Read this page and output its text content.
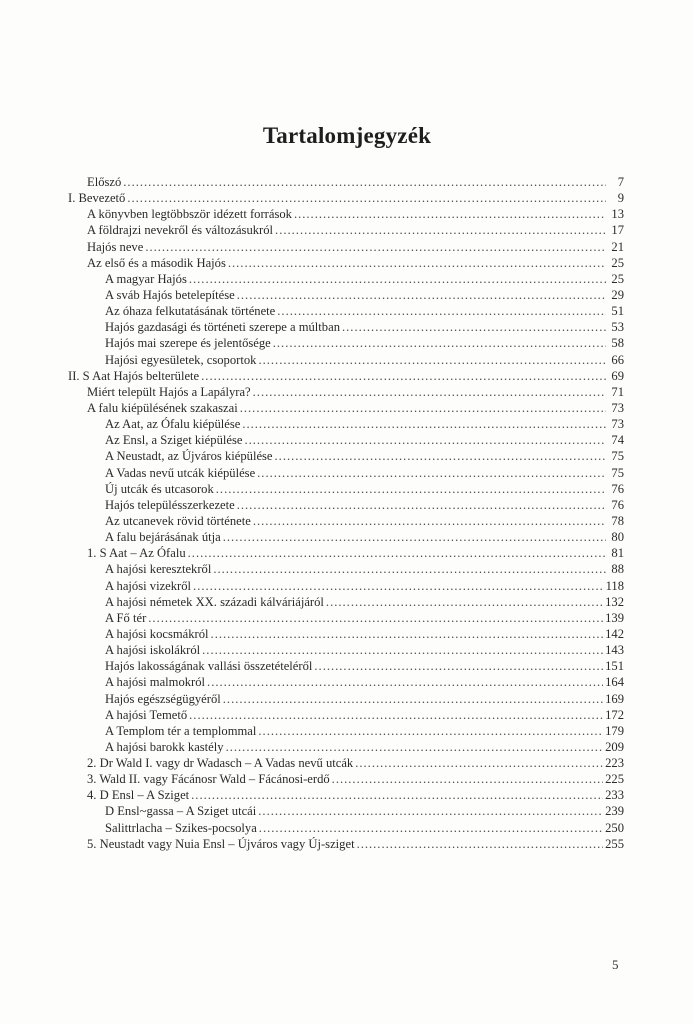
Tartalomjegyzék
Előszó .....	7
I. Bevezető .....	9
A könyvben legtöbbször idézett források .....	13
A földrajzi nevekről és változásukról .....	17
Hajós neve .....	21
Az első és a második Hajós .....	25
A magyar Hajós .....	25
A sváb Hajós betelepítése .....	29
Az óhaza felkutatásának története .....	51
Hajós gazdasági és történeti szerepe a múltban .....	53
Hajós mai szerepe és jelentősége .....	58
Hajósi egyesületek, csoportok .....	66
II. S Aat Hajós belterülete .....	69
Miért települt Hajós a Lapályra? .....	71
A falu kiépülésének szakaszai .....	73
Az Aat, az Ófalu kiépülése .....	73
Az Ensl, a Sziget kiépülése .....	74
A Neustadt, az Újváros kiépülése .....	75
A Vadas nevű utcák kiépülése .....	75
Új utcák és utcasorok .....	76
Hajós településszerkezete .....	76
Az utcanevek rövid története .....	78
A falu bejárásának útja .....	80
1. S Aat – Az Ófalu .....	81
A hajósi keresztekről .....	88
A hajósi vizekről .....	118
A hajósi németek XX. századi kálváriájáról .....	132
A Fő tér .....	139
A hajósi kocsmákról .....	142
A hajósi iskolákról .....	143
Hajós lakosságának vallási összetételéről .....	151
A hajósi malmokról .....	164
Hajós egészségügyéről .....	169
A hajósi Temető .....	172
A Templom tér a templommal .....	179
A hajósi barokk kastély .....	209
2. Dr Wald I. vagy dr Wadasch – A Vadas nevű utcák .....	223
3. Wald II. vagy Fácánosr Wald – Fácánosi-erdő .....	225
4. D Ensl – A Sziget .....	233
D Ensl~gassa – A Sziget utcái .....	239
Salittrlacha – Szikes-pocsolya .....	250
5. Neustadt vagy Nuia Ensl – Újváros vagy Új-sziget .....	255
5
